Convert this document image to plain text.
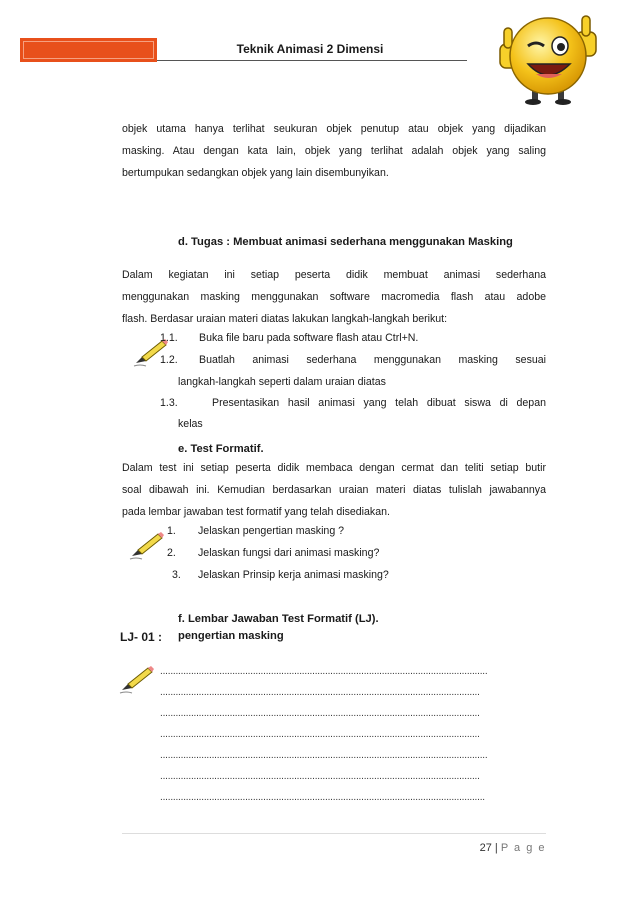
Teknik Animasi 2 Dimensi
objek utama hanya terlihat seukuran objek penutup atau objek yang dijadikan
masking. Atau dengan kata lain, objek yang terlihat adalah objek yang saling
bertumpukan sedangkan objek yang lain disembunyikan.
d. Tugas : Membuat animasi sederhana menggunakan Masking
Dalam kegiatan ini setiap peserta didik membuat animasi sederhana
menggunakan masking menggunakan software macromedia flash atau adobe
flash. Berdasar uraian materi diatas lakukan langkah-langkah berikut:
1.1. Buka file baru pada software flash atau Ctrl+N.
1.2. Buatlah animasi sederhana menggunakan masking sesuai
langkah-langkah seperti dalam uraian diatas
1.3.	Presentasikan hasil animasi yang telah dibuat siswa di depan
kelas
e. Test Formatif.
Dalam test ini setiap peserta didik membaca dengan cermat dan teliti setiap butir
soal dibawah ini. Kemudian berdasarkan uraian materi diatas tulislah jawabannya
pada lembar jawaban test formatif yang telah disediakan.
1. Jelaskan pengertian masking ?
2. Jelaskan fungsi dari animasi masking?
3. Jelaskan Prinsip kerja animasi masking?
f. Lembar Jawaban Test Formatif (LJ).
LJ- 01 : pengertian masking
...............................................................................................................................
............................................................................................................................
............................................................................................................................
............................................................................................................................
...............................................................................................................................
............................................................................................................................
..............................................................................................................................
27 | P a g e
